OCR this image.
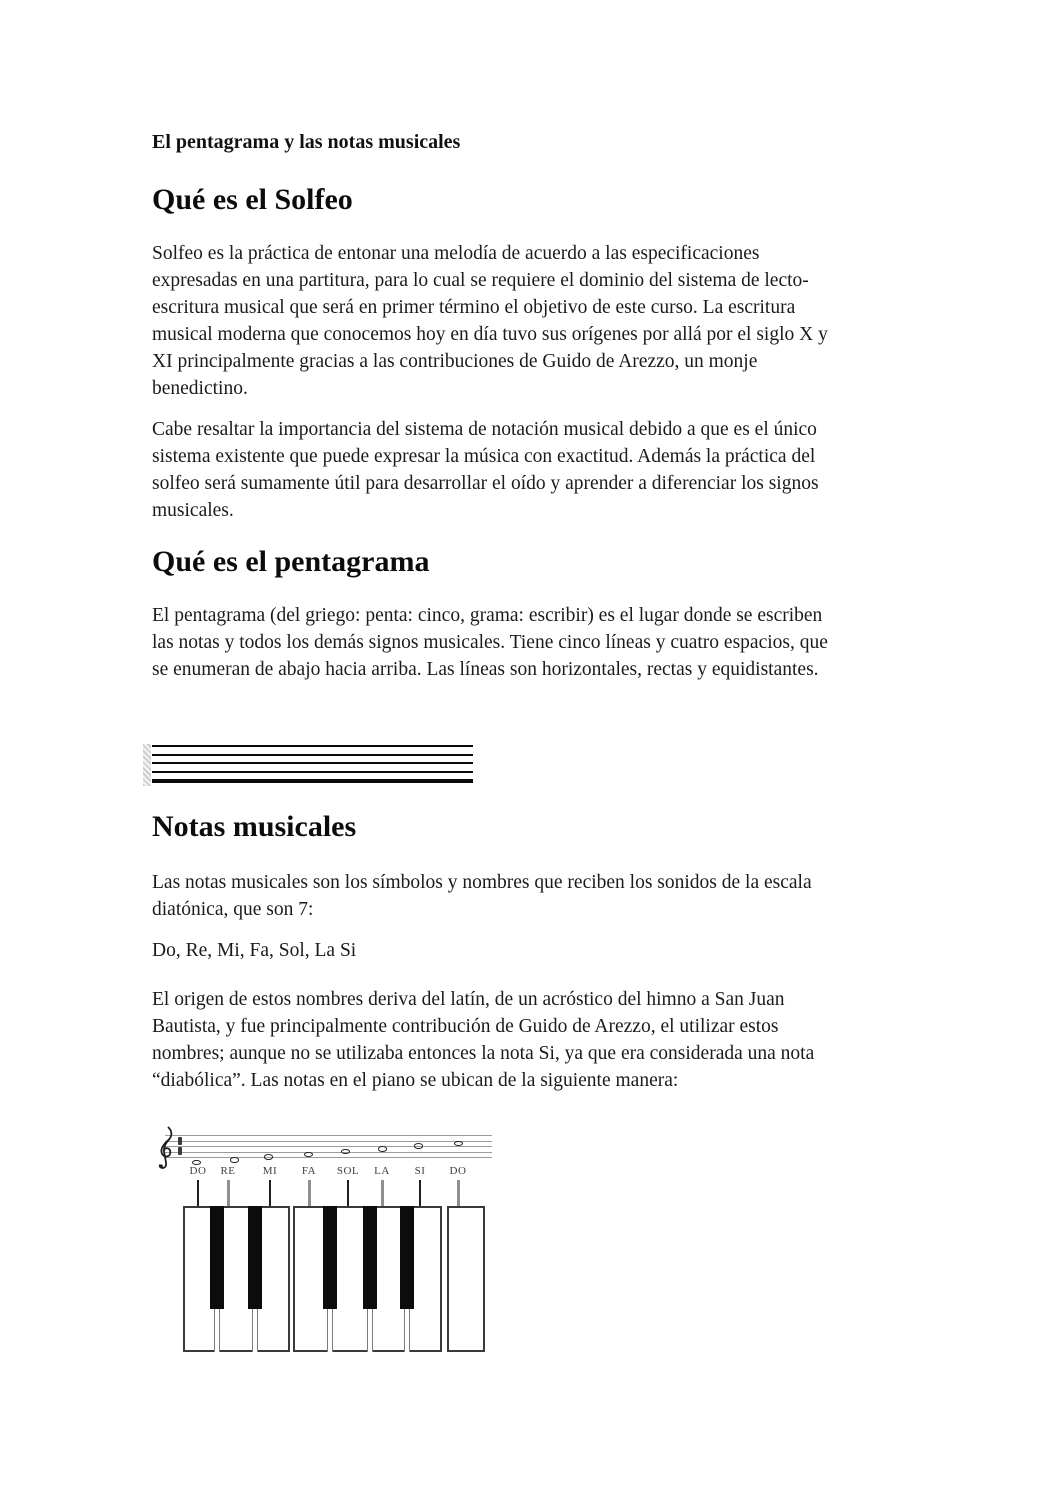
El pentagrama y las notas musicales

Qué es el Solfeo

Solfeo es la práctica de entonar una melodía de acuerdo a las especificaciones
expresadas en una partitura, para lo cual se requiere el dominio del sistema de lecto-
escritura musical que será en primer término el objetivo de este curso. La escritura
musical moderna que conocemos hoy en día tuvo sus orígenes por allá por el siglo X y
XI principalmente gracias a las contribuciones de Guido de Arezzo, un monje
benedictino.

Cabe resaltar la importancia del sistema de notación musical debido a que es el único
sistema existente que puede expresar la música con exactitud. Además la práctica del
solfeo será sumamente útil para desarrollar el oído y aprender a diferenciar los signos
musicales.

Qué es el pentagrama

El pentagrama (del griego: penta: cinco, grama: escribir) es el lugar donde se escriben
las notas y todos los demás signos musicales. Tiene cinco líneas y cuatro espacios, que
se enumeran de abajo hacia arriba. Las líneas son horizontales, rectas y equidistantes.

Notas musicales

Las notas musicales son los símbolos y nombres que reciben los sonidos de la escala
diatónica, que son 7:

Do, Re, Mi, Fa, Sol, La Si

El origen de estos nombres deriva del latín, de un acróstico del himno a San Juan
Bautista, y fue principalmente contribución de Guido de Arezzo, el utilizar estos
nombres; aunque no se utilizaba entonces la nota Si, ya que era considerada una nota
“diabólica”. Las notas en el piano se ubican de la siguiente manera:

DO	RE	MI	FA	SOL	LA	SI	DO
